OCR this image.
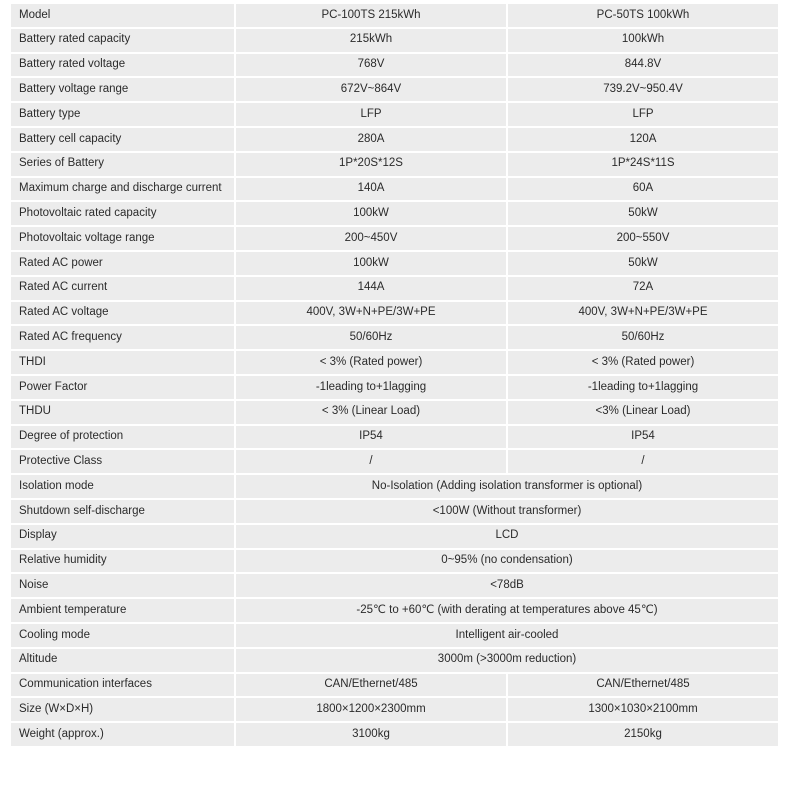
Model	PC-100TS 215kWh	PC-50TS 100kWh
Battery rated capacity	215kWh	100kWh
Battery rated voltage	768V	844.8V
Battery voltage range	672V~864V	739.2V~950.4V
Battery type	LFP	LFP
Battery cell capacity	280A	120A
Series of Battery	1P*20S*12S	1P*24S*11S
Maximum charge and discharge current	140A	60A
Photovoltaic rated capacity	100kW	50kW
Photovoltaic voltage range	200~450V	200~550V
Rated AC power	100kW	50kW
Rated AC current	144A	72A
Rated AC voltage	400V, 3W+N+PE/3W+PE	400V, 3W+N+PE/3W+PE
Rated AC frequency	50/60Hz	50/60Hz
THDI	< 3% (Rated power)	< 3% (Rated power)
Power Factor	-1leading to+1lagging	-1leading to+1lagging
THDU	< 3% (Linear Load)	<3% (Linear Load)
Degree of protection	IP54	IP54
Protective Class	/	/
Isolation mode	No-Isolation (Adding isolation transformer is optional)	
Shutdown self-discharge	<100W (Without transformer)	
Display	LCD	
Relative humidity	0~95% (no condensation)	
Noise	<78dB	
Ambient temperature	-25℃ to +60℃ (with derating at temperatures above 45℃)	
Cooling mode	Intelligent air-cooled	
Altitude	3000m (>3000m reduction)	
Communication interfaces	CAN/Ethernet/485	CAN/Ethernet/485
Size (W×D×H)	1800×1200×2300mm	1300×1030×2100mm
Weight (approx.)	3100kg	2150kg
